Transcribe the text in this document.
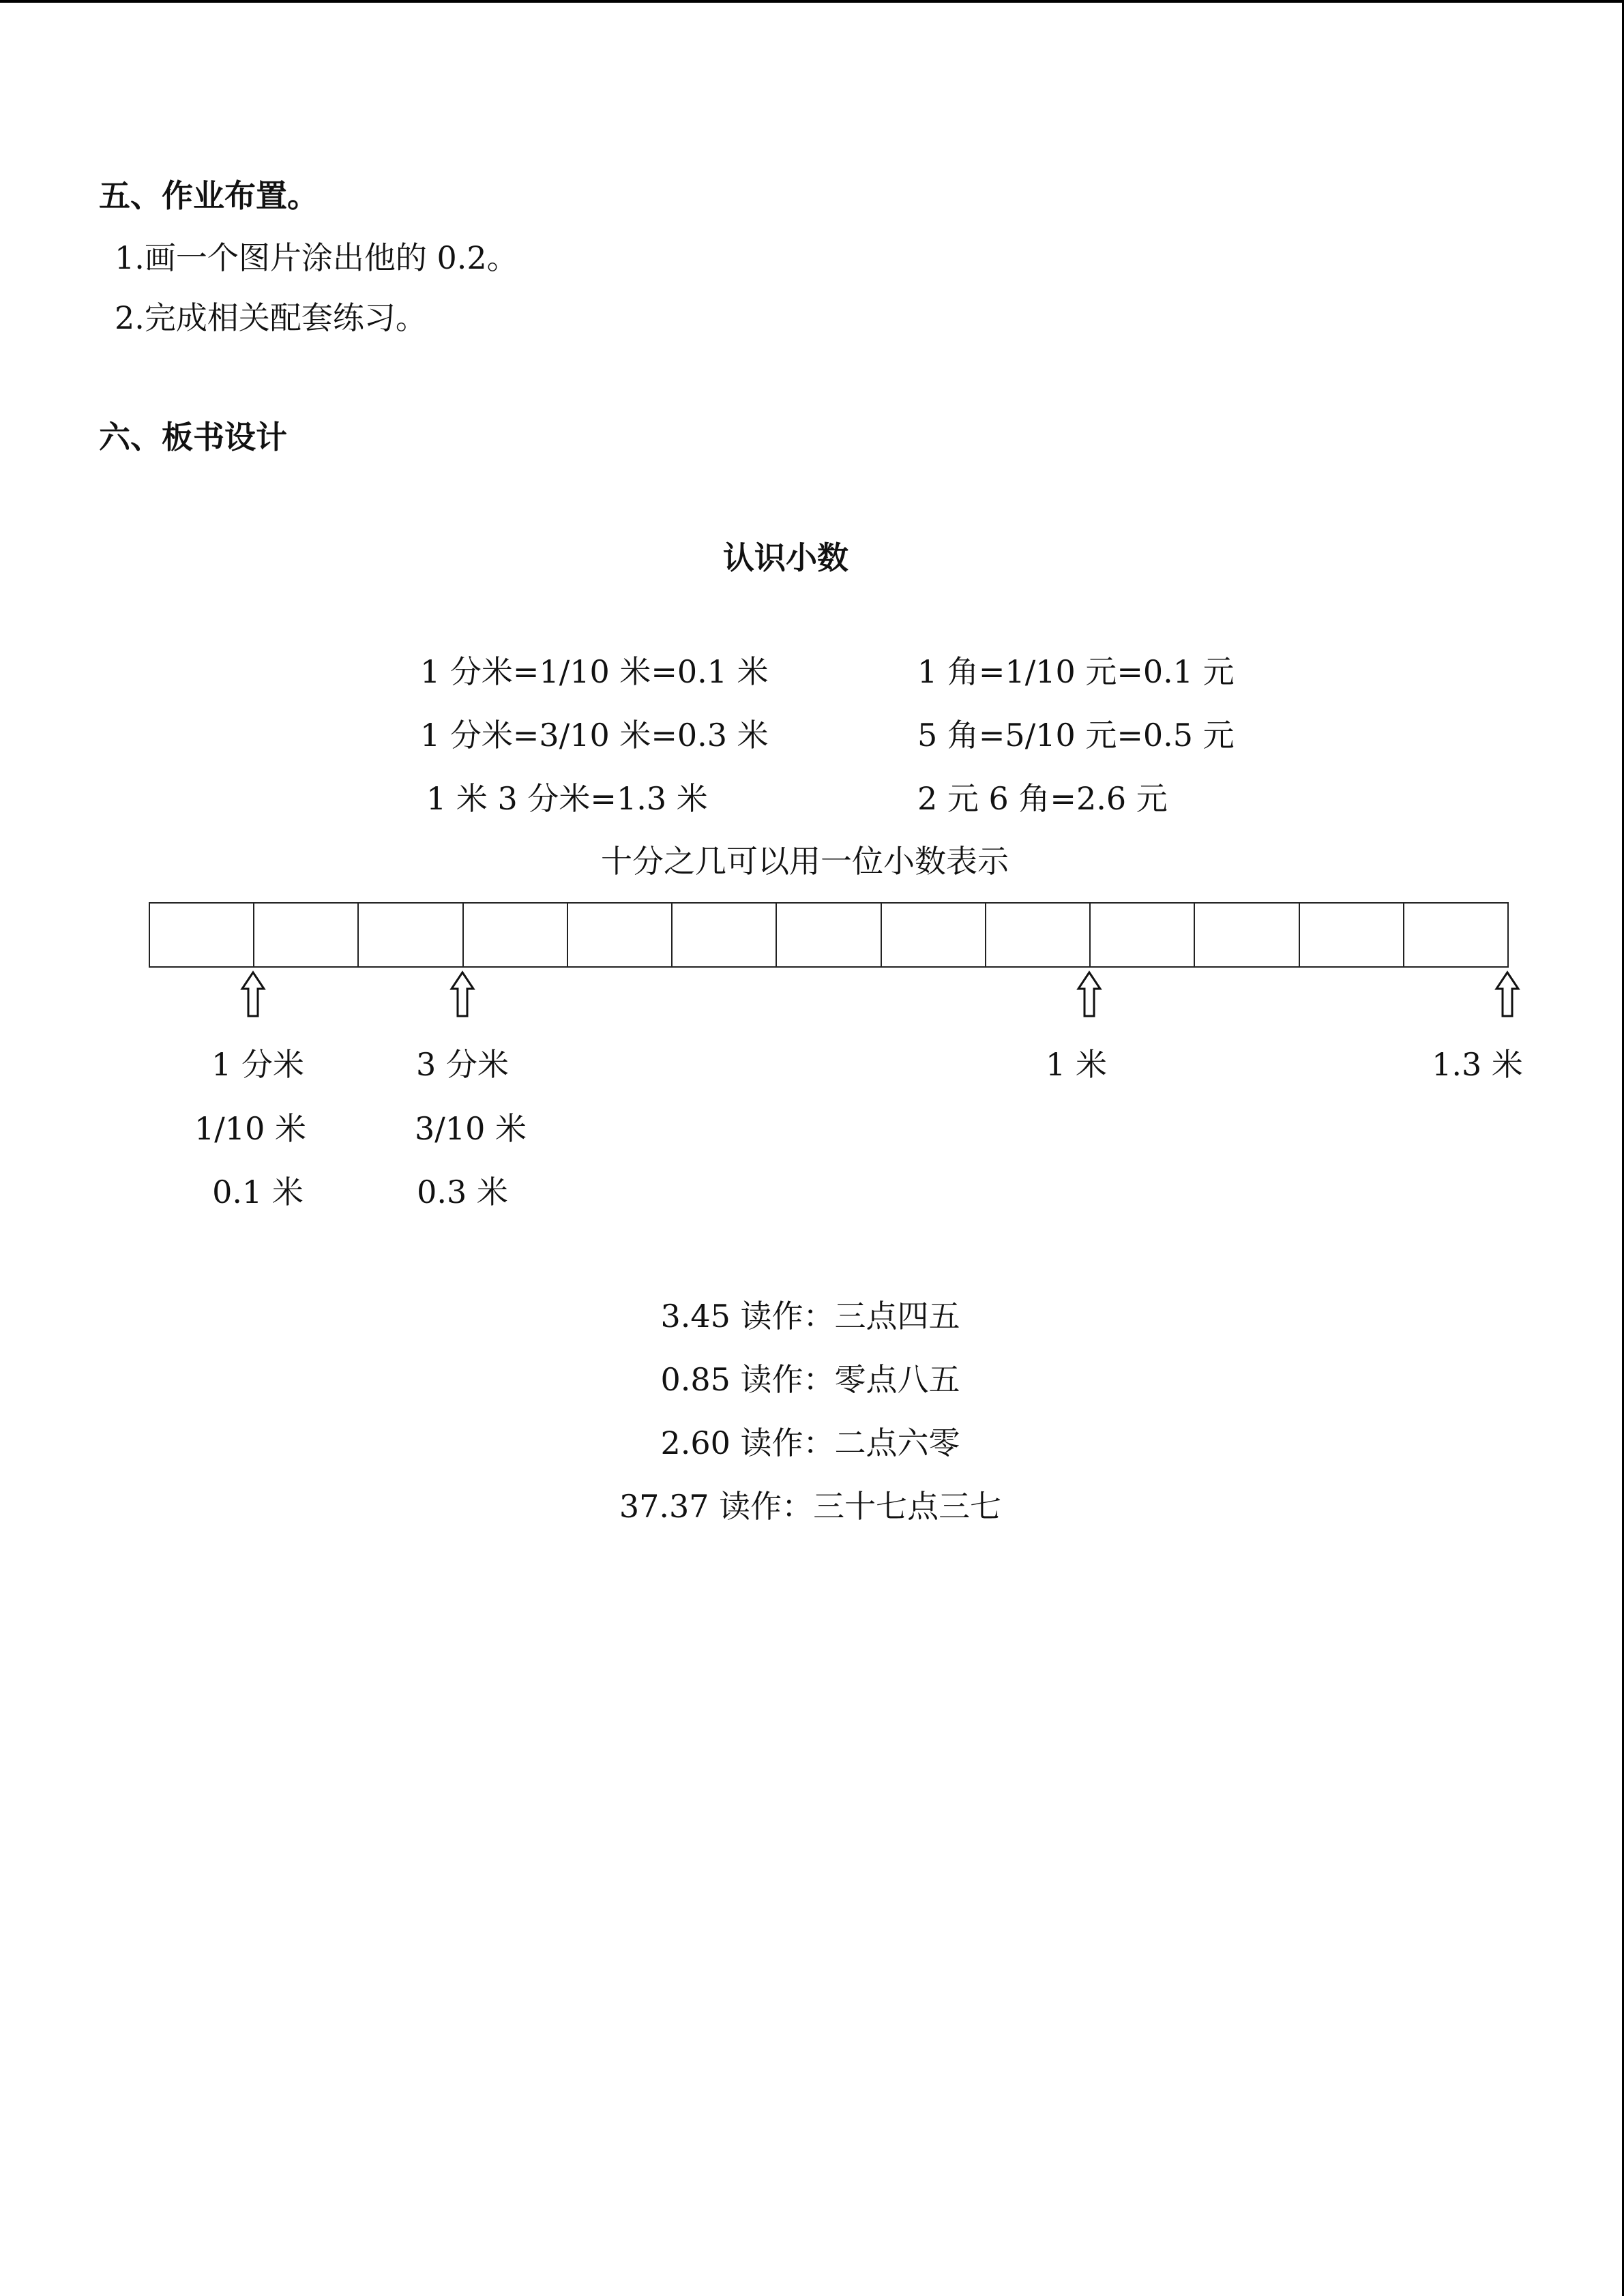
五、作业布置。
1.画一个图片涂出他的 0.2。
2.完成相关配套练习。
六、板书设计
认识小数
1 分米=1/10 米=0.1 米
1 分米=3/10 米=0.3 米
1 米 3 分米=1.3 米
1 角=1/10 元=0.1 元
5 角=5/10 元=0.5 元
2 元 6 角=2.6 元
十分之几可以用一位小数表示
1 分米
1/10 米
0.1 米
3 分米
3/10 米
0.3 米
1 米	1.3 米
3.45 读作：三点四五
0.85 读作：零点八五
2.60 读作：二点六零
37.37 读作：三十七点三七
